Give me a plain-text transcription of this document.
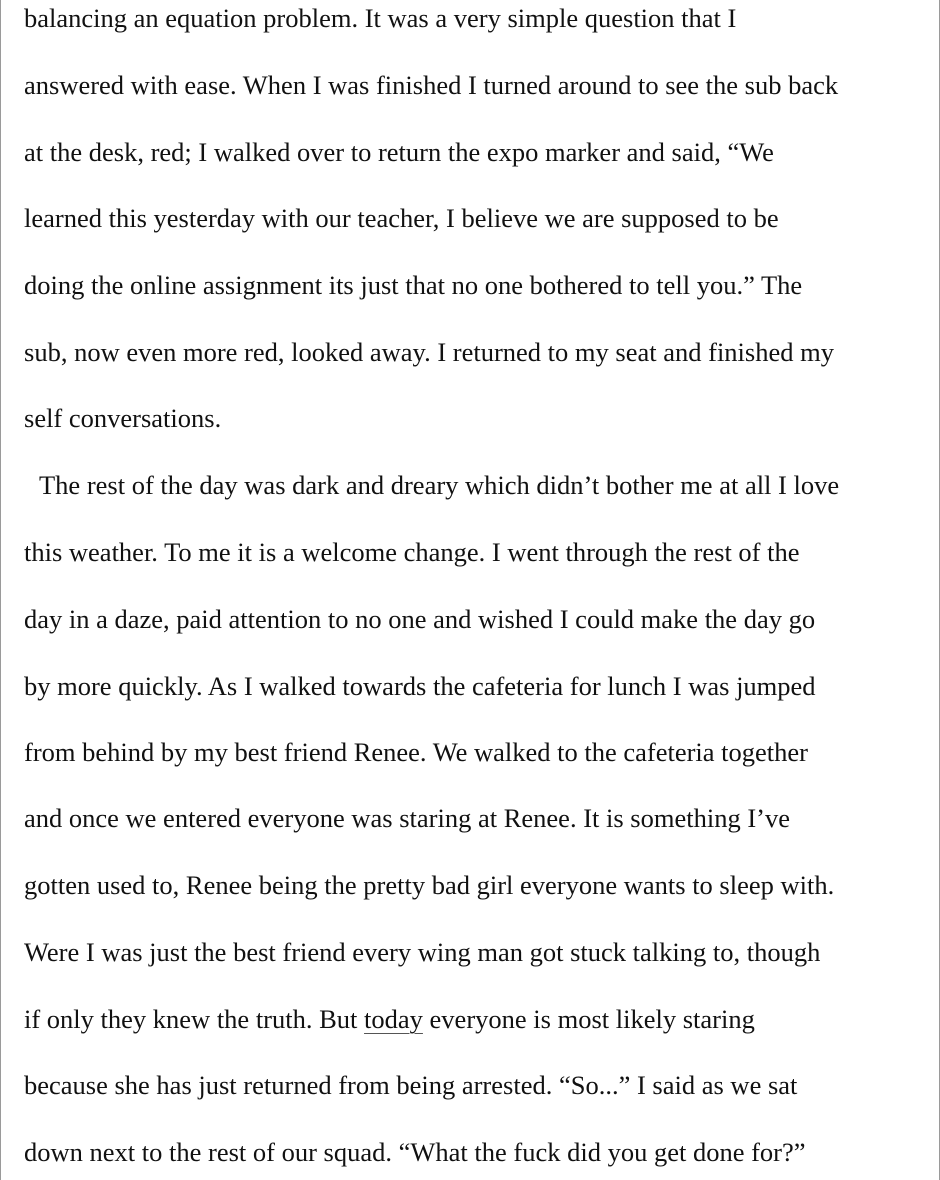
balancing an equation problem. It was a very simple question that I
answered with ease. When I was finished I turned around to see the sub back
at the desk, red; I walked over to return the expo marker and said, “We
learned this yesterday with our teacher, I believe we are supposed to be
doing the online assignment its just that no one bothered to tell you.” The
sub, now even more red, looked away. I returned to my seat and finished my
self conversations.
The rest of the day was dark and dreary which didn’t bother me at all I love
this weather. To me it is a welcome change. I went through the rest of the
day in a daze, paid attention to no one and wished I could make the day go
by more quickly. As I walked towards the cafeteria for lunch I was jumped
from behind by my best friend Renee. We walked to the cafeteria together
and once we entered everyone was staring at Renee. It is something I’ve
gotten used to, Renee being the pretty bad girl everyone wants to sleep with.
Were I was just the best friend every wing man got stuck talking to, though
if only they knew the truth. But today everyone is most likely staring
because she has just returned from being arrested. “So...” I said as we sat
down next to the rest of our squad. “What the fuck did you get done for?”
